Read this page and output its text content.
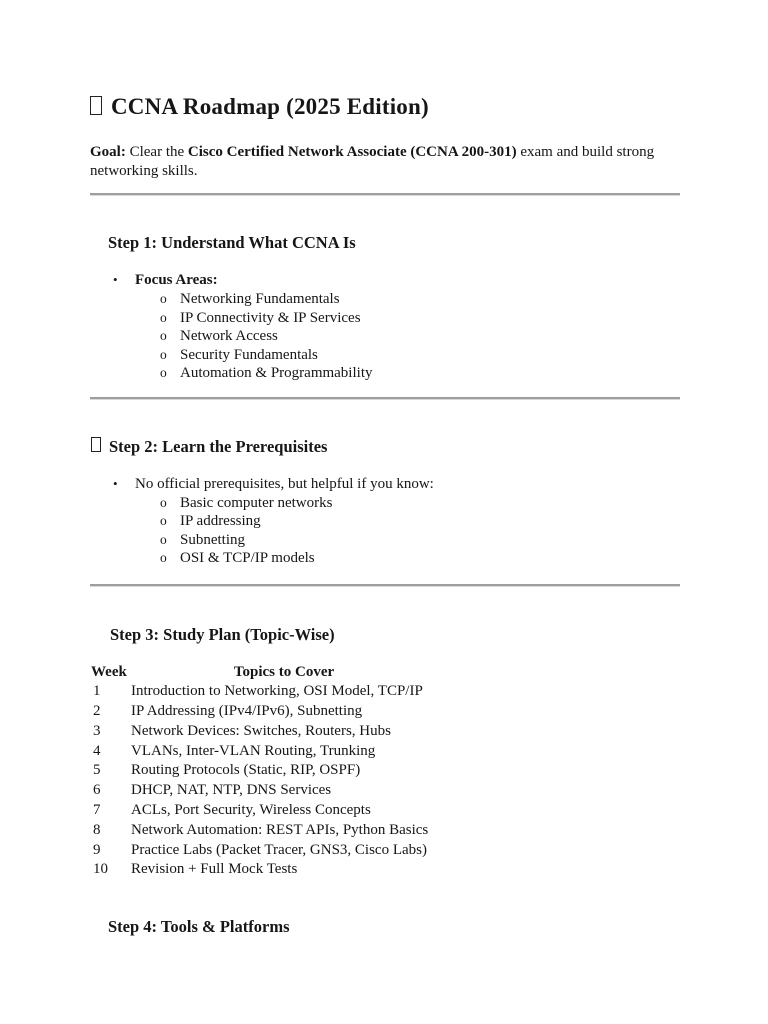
CCNA Roadmap (2025 Edition)

Goal: Clear the Cisco Certified Network Associate (CCNA 200-301) exam and build strong networking skills.

Step 1: Understand What CCNA Is
• Focus Areas:
o Networking Fundamentals
o IP Connectivity & IP Services
o Network Access
o Security Fundamentals
o Automation & Programmability
Step 2: Learn the Prerequisites
• No official prerequisites, but helpful if you know:
o Basic computer networks
o IP addressing
o Subnetting
o OSI & TCP/IP models
Step 3: Study Plan (Topic-Wise)
Week	Topics to Cover
1	Introduction to Networking, OSI Model, TCP/IP
2	IP Addressing (IPv4/IPv6), Subnetting
3	Network Devices: Switches, Routers, Hubs
4	VLANs, Inter-VLAN Routing, Trunking
5	Routing Protocols (Static, RIP, OSPF)
6	DHCP, NAT, NTP, DNS Services
7	ACLs, Port Security, Wireless Concepts
8	Network Automation: REST APIs, Python Basics
9	Practice Labs (Packet Tracer, GNS3, Cisco Labs)
10	Revision + Full Mock Tests
Step 4: Tools & Platforms
